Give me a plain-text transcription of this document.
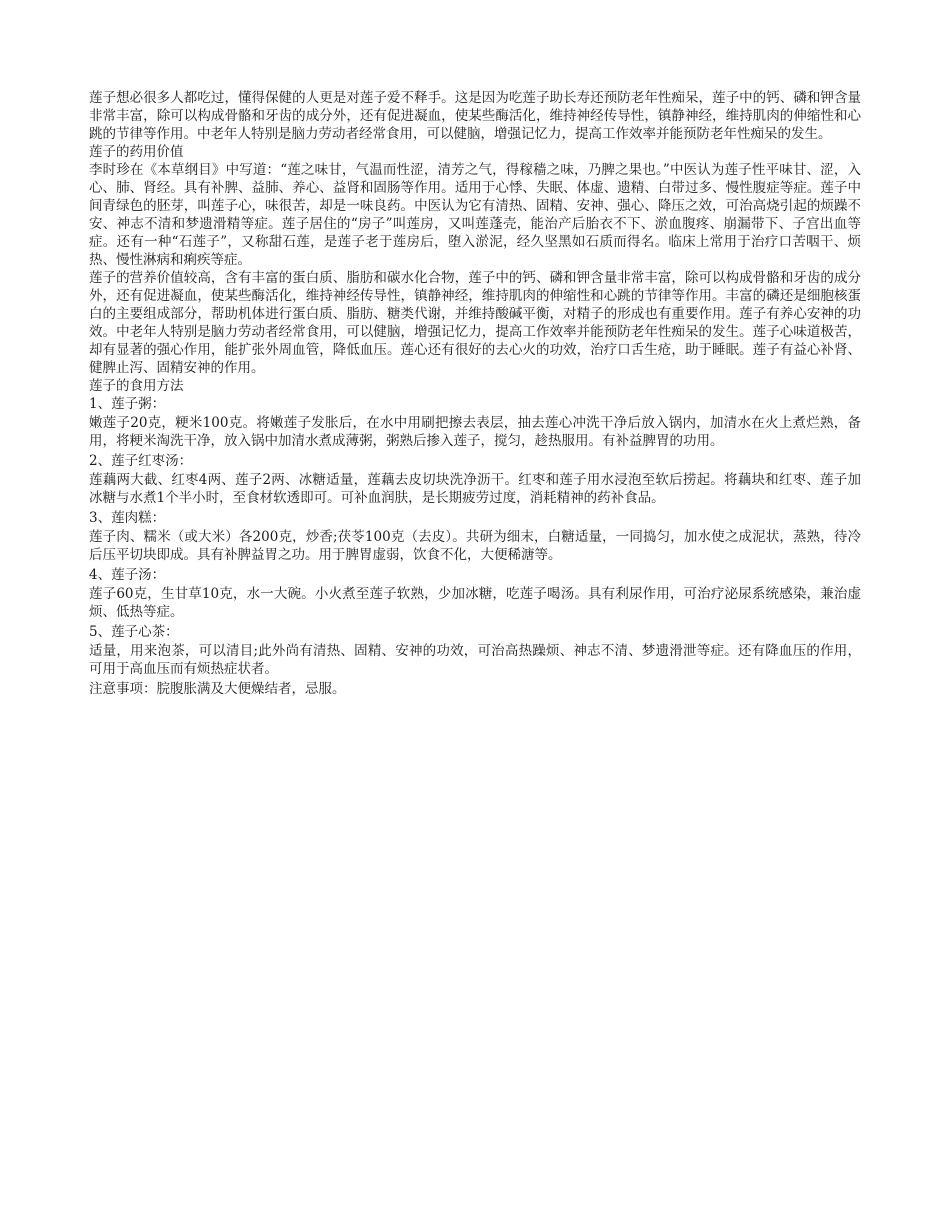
莲子想必很多人都吃过，懂得保健的人更是对莲子爱不释手。这是因为吃莲子助长寿还预防老年性痴呆，莲子中的钙、磷和钾含量非常丰富，除可以构成骨骼和牙齿的成分外，还有促进凝血，使某些酶活化，维持神经传导性，镇静神经，维持肌肉的伸缩性和心跳的节律等作用。中老年人特别是脑力劳动者经常食用，可以健脑，增强记忆力，提高工作效率并能预防老年性痴呆的发生。

莲子的药用价值

李时珍在《本草纲目》中写道：“莲之味甘，气温而性涩，清芳之气，得稼穑之味，乃脾之果也。”中医认为莲子性平味甘、涩，入心、肺、肾经。具有补脾、益肺、养心、益肾和固肠等作用。适用于心悸、失眠、体虚、遗精、白带过多、慢性腹症等症。莲子中间青绿色的胚芽，叫莲子心，味很苦，却是一味良药。中医认为它有清热、固精、安神、强心、降压之效，可治高烧引起的烦躁不安、神志不清和梦遗滑精等症。莲子居住的“房子”叫莲房，又叫莲蓬壳，能治产后胎衣不下、淤血腹疼、崩漏带下、子宫出血等症。还有一种“石莲子”，又称甜石莲，是莲子老于莲房后，堕入淤泥，经久坚黑如石质而得名。临床上常用于治疗口苦咽干、烦热、慢性淋病和痢疾等症。

莲子的营养价值较高，含有丰富的蛋白质、脂肪和碳水化合物，莲子中的钙、磷和钾含量非常丰富，除可以构成骨骼和牙齿的成分外，还有促进凝血，使某些酶活化，维持神经传导性，镇静神经，维持肌肉的伸缩性和心跳的节律等作用。丰富的磷还是细胞核蛋白的主要组成部分，帮助机体进行蛋白质、脂肪、糖类代谢，并维持酸碱平衡，对精子的形成也有重要作用。莲子有养心安神的功效。中老年人特别是脑力劳动者经常食用，可以健脑，增强记忆力，提高工作效率并能预防老年性痴呆的发生。莲子心味道极苦，却有显著的强心作用，能扩张外周血管，降低血压。莲心还有很好的去心火的功效，治疗口舌生疮，助于睡眠。莲子有益心补肾、健脾止泻、固精安神的作用。

莲子的食用方法

1、莲子粥：

嫩莲子20克，粳米100克。将嫩莲子发胀后，在水中用刷把擦去表层，抽去莲心冲洗干净后放入锅内，加清水在火上煮烂熟，备用，将粳米淘洗干净，放入锅中加清水煮成薄粥，粥熟后掺入莲子，搅匀，趁热服用。有补益脾胃的功用。

2、莲子红枣汤：

莲藕两大截、红枣4两、莲子2两、冰糖适量，莲藕去皮切块洗净沥干。红枣和莲子用水浸泡至软后捞起。将藕块和红枣、莲子加冰糖与水煮1个半小时，至食材软透即可。可补血润肤，是长期疲劳过度，消耗精神的药补食品。

3、莲肉糕：

莲子肉、糯米（或大米）各200克，炒香;茯苓100克（去皮）。共研为细末，白糖适量，一同捣匀，加水使之成泥状，蒸熟，待冷后压平切块即成。具有补脾益胃之功。用于脾胃虚弱，饮食不化，大便稀溏等。

4、莲子汤：

莲子60克，生甘草10克，水一大碗。小火煮至莲子软熟，少加冰糖，吃莲子喝汤。具有利尿作用，可治疗泌尿系统感染，兼治虚烦、低热等症。

5、莲子心茶：

适量，用来泡茶，可以清目;此外尚有清热、固精、安神的功效，可治高热躁烦、神志不清、梦遗滑泄等症。还有降血压的作用，可用于高血压而有烦热症状者。

注意事项：脘腹胀满及大便燥结者，忌服。
